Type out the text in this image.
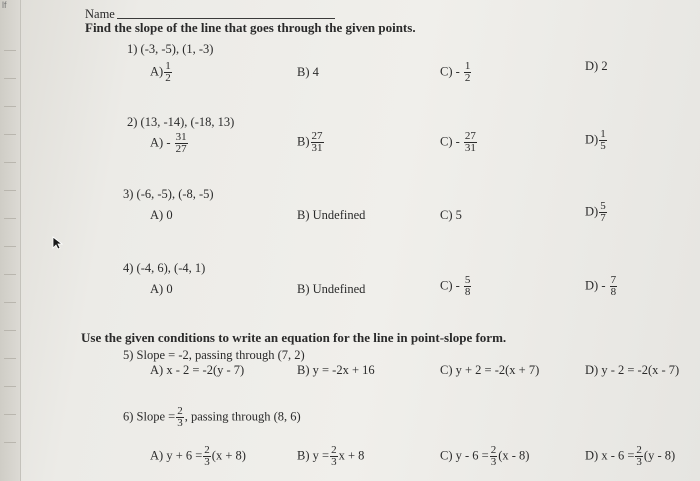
lf
Name
Find the slope of the line that goes through the given points.
1) (-3, -5), (1, -3)
$A) \frac{1}{2}$	B) 4	$C) - \frac{1}{2}$	D) 2
2) (13, -14), (-18, 13)
$A) - \frac{31}{27}$	$B) \frac{27}{31}$	$C) - \frac{27}{31}$	$D) \frac{1}{5}$
3) (-6, -5), (-8, -5)
A) 0	B) Undefined	C) 5	$D) \frac{5}{7}$
4) (-4, 6), (-4, 1)
A) 0	B) Undefined	$C) - \frac{5}{8}$	$D) - \frac{7}{8}$
Use the given conditions to write an equation for the line in point-slope form.
5) Slope = -2, passing through (7, 2)
A) x - 2 = -2(y - 7)	B) y = -2x + 16	C) y + 2 = -2(x + 7)	D) y - 2 = -2(x - 7)
6) Slope = $\frac{2}{3}$ , passing through (8, 6)
A) $y + 6 = \frac{2}{3} (x + 8)$	B) $y = \frac{2}{3}$ x + 8	C) $y - 6 = \frac{2}{3} (x - 8)$	D) $x - 6 = \frac{2}{3} (y - 8)$
